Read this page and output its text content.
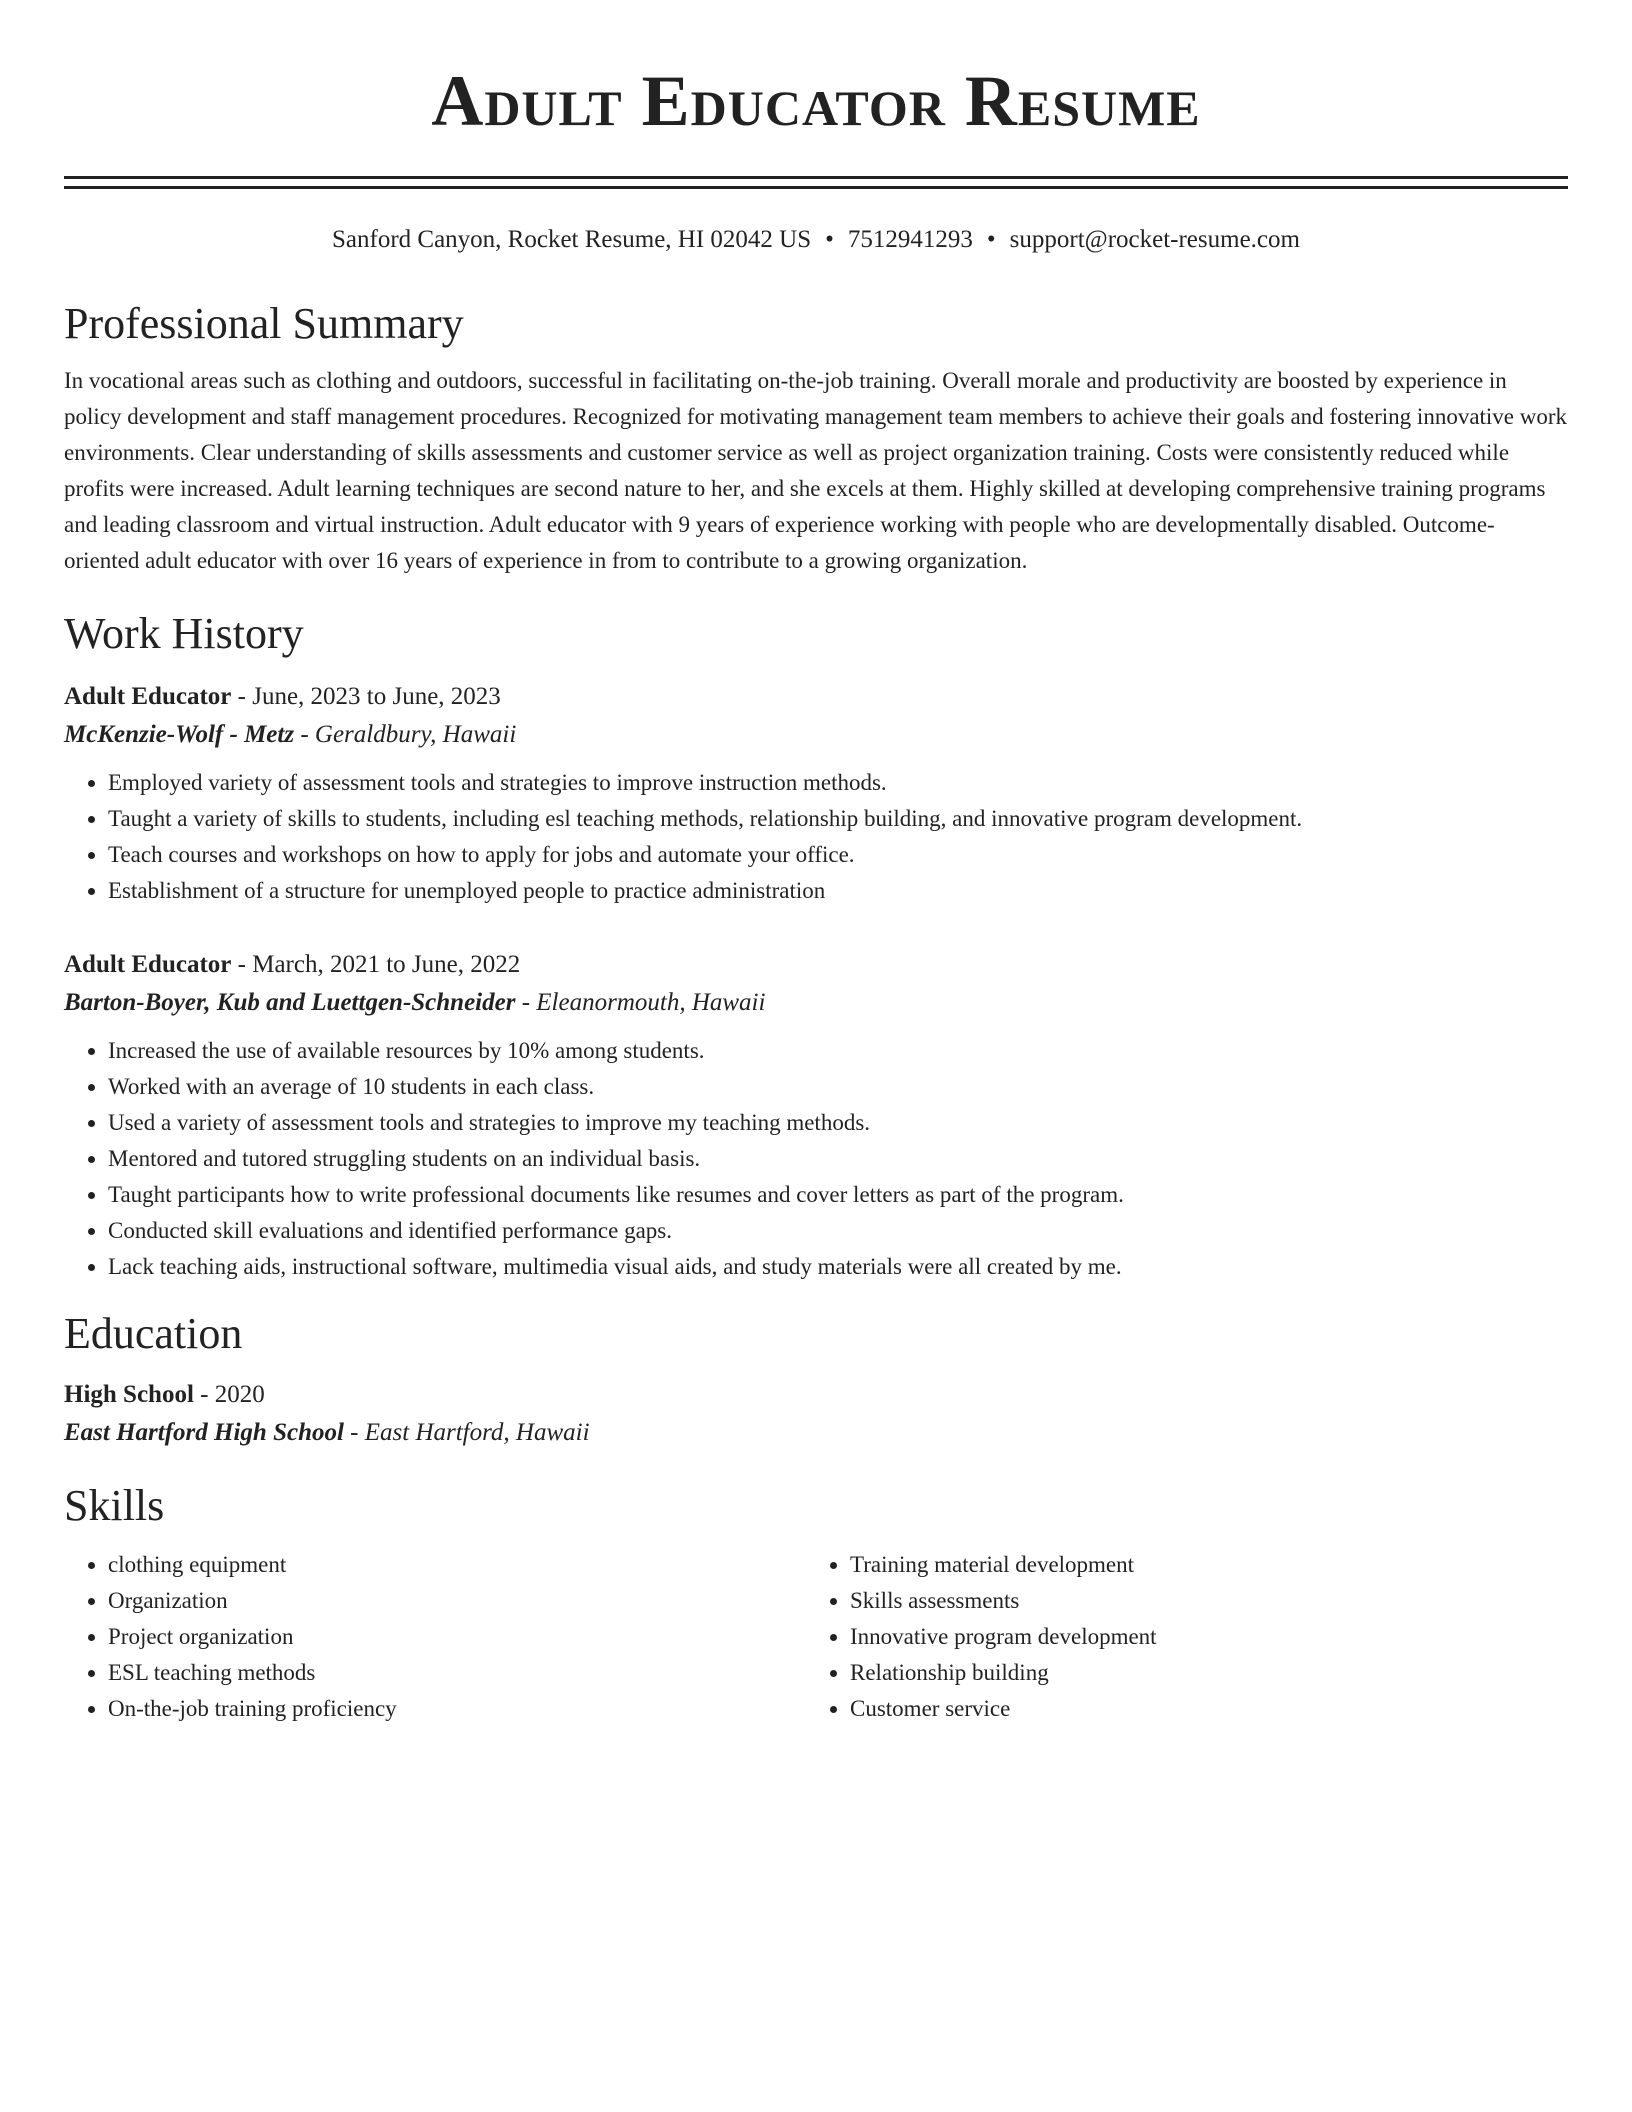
Adult Educator Resume
Sanford Canyon, Rocket Resume, HI 02042 US • 7512941293 • support@rocket-resume.com
Professional Summary

In vocational areas such as clothing and outdoors, successful in facilitating on-the-job training. Overall morale and productivity are boosted by experience in policy development and staff management procedures. Recognized for motivating management team members to achieve their goals and fostering innovative work environments. Clear understanding of skills assessments and customer service as well as project organization training. Costs were consistently reduced while profits were increased. Adult learning techniques are second nature to her, and she excels at them. Highly skilled at developing comprehensive training programs and leading classroom and virtual instruction. Adult educator with 9 years of experience working with people who are developmentally disabled. Outcome-oriented adult educator with over 16 years of experience in from to contribute to a growing organization.

Work History
Adult Educator - June, 2023 to June, 2023
McKenzie-Wolf - Metz - Geraldbury, Hawaii
• Employed variety of assessment tools and strategies to improve instruction methods.
• Taught a variety of skills to students, including esl teaching methods, relationship building, and innovative program development.
• Teach courses and workshops on how to apply for jobs and automate your office.
• Establishment of a structure for unemployed people to practice administration
Adult Educator - March, 2021 to June, 2022
Barton-Boyer, Kub and Luettgen-Schneider - Eleanormouth, Hawaii
• Increased the use of available resources by 10% among students.
• Worked with an average of 10 students in each class.
• Used a variety of assessment tools and strategies to improve my teaching methods.
• Mentored and tutored struggling students on an individual basis.
• Taught participants how to write professional documents like resumes and cover letters as part of the program.
• Conducted skill evaluations and identified performance gaps.
• Lack teaching aids, instructional software, multimedia visual aids, and study materials were all created by me.
Education
High School - 2020
East Hartford High School - East Hartford, Hawaii
Skills
• clothing equipment
• Organization
• Project organization
• ESL teaching methods
• On-the-job training proficiency
• Training material development
• Skills assessments
• Innovative program development
• Relationship building
• Customer service
